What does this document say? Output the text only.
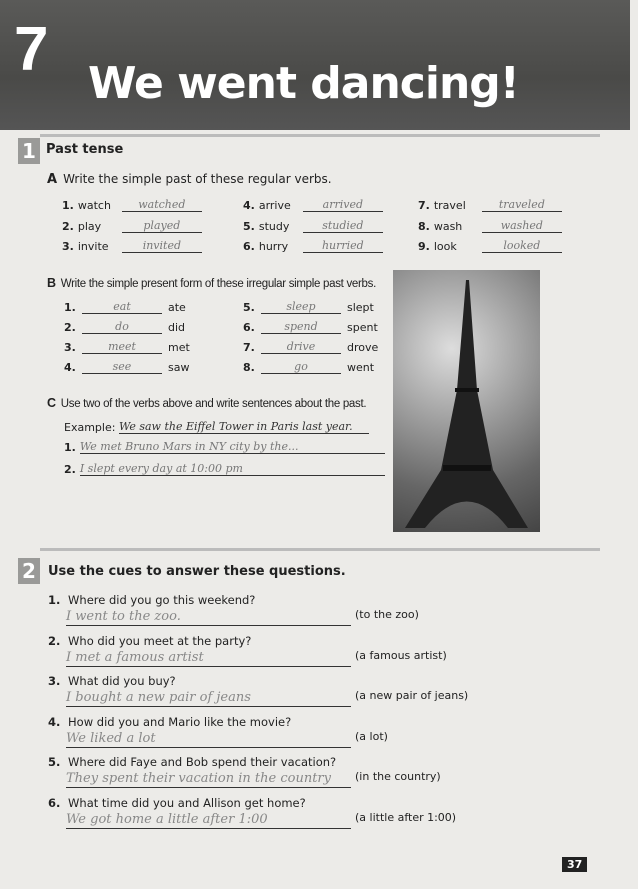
7 We went dancing!
1 Past tense
A Write the simple past of these regular verbs.
1. watch watched
2. play	played
3. invite	invited
4. arrive	arrived
5. study	studied
6. hurry	hurried
7. travel	traveled
8. wash	washed
9. look	looked
B Write the simple present form of these irregular simple past verbs.
1.	eat	ate
2.	do	did
3.	meet	met
4.	see	saw
5.	sleep	slept
6.	spend	spent
7.	drive	drove
8.	go	went
C Use two of the verbs above and write sentences about the past.
Example: We saw the Eiffel Tower in Paris last year.
1. We met Bruno Mars in NY city by the...
2. I slept every day at 10:00 pm
2 Use the cues to answer these questions.
1. Where did you go this weekend?
I went to the zoo.	(to the zoo)
2. Who did you meet at the party?
I met a famous artist	(a famous artist)
3. What did you buy?
I bought a new pair of jeans	(a new pair of jeans)
4. How did you and Mario like the movie?
We liked a lot	(a lot)
5. Where did Faye and Bob spend their vacation?
They spent their vacation in the country	(in the country)
6. What time did you and Allison get home?
We got home a little after 1:00	(a little after 1:00)
37
